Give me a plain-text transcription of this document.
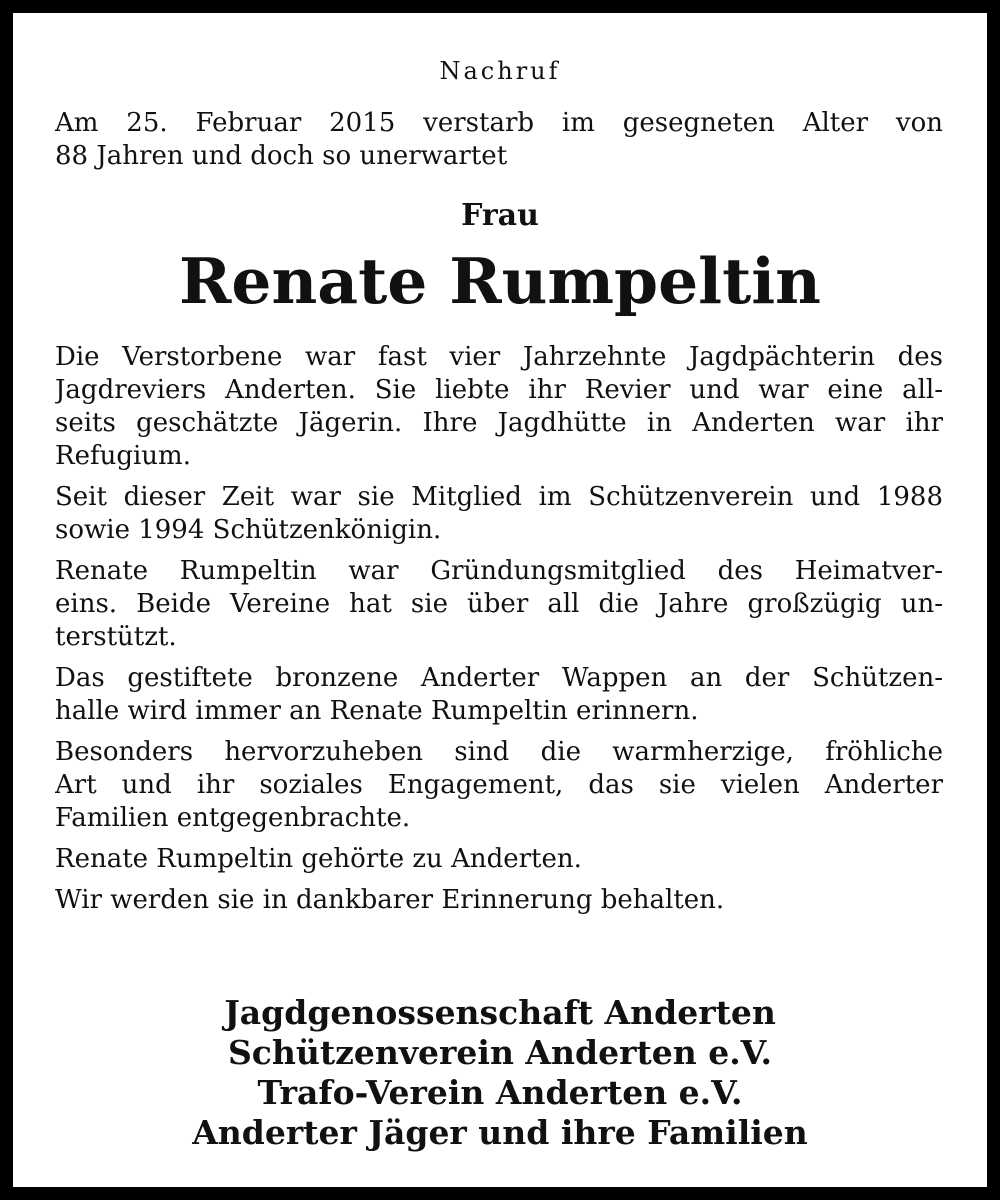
Nachruf
Am 25. Februar 2015 verstarb im gesegneten Alter von
88 Jahren und doch so unerwartet
Frau
Renate Rumpeltin
Die Verstorbene war fast vier Jahrzehnte Jagdpächterin des
Jagdreviers Anderten. Sie liebte ihr Revier und war eine all-
seits geschätzte Jägerin. Ihre Jagdhütte in Anderten war ihr
Refugium.
Seit dieser Zeit war sie Mitglied im Schützenverein und 1988
sowie 1994 Schützenkönigin.
Renate Rumpeltin war Gründungsmitglied des Heimatver-
eins. Beide Vereine hat sie über all die Jahre großzügig un-
terstützt.
Das gestiftete bronzene Anderter Wappen an der Schützen-
halle wird immer an Renate Rumpeltin erinnern.
Besonders hervorzuheben sind die warmherzige, fröhliche
Art und ihr soziales Engagement, das sie vielen Anderter
Familien entgegenbrachte.
Renate Rumpeltin gehörte zu Anderten.
Wir werden sie in dankbarer Erinnerung behalten.
Jagdgenossenschaft Anderten
Schützenverein Anderten e.V.
Trafo-Verein Anderten e.V.
Anderter Jäger und ihre Familien
